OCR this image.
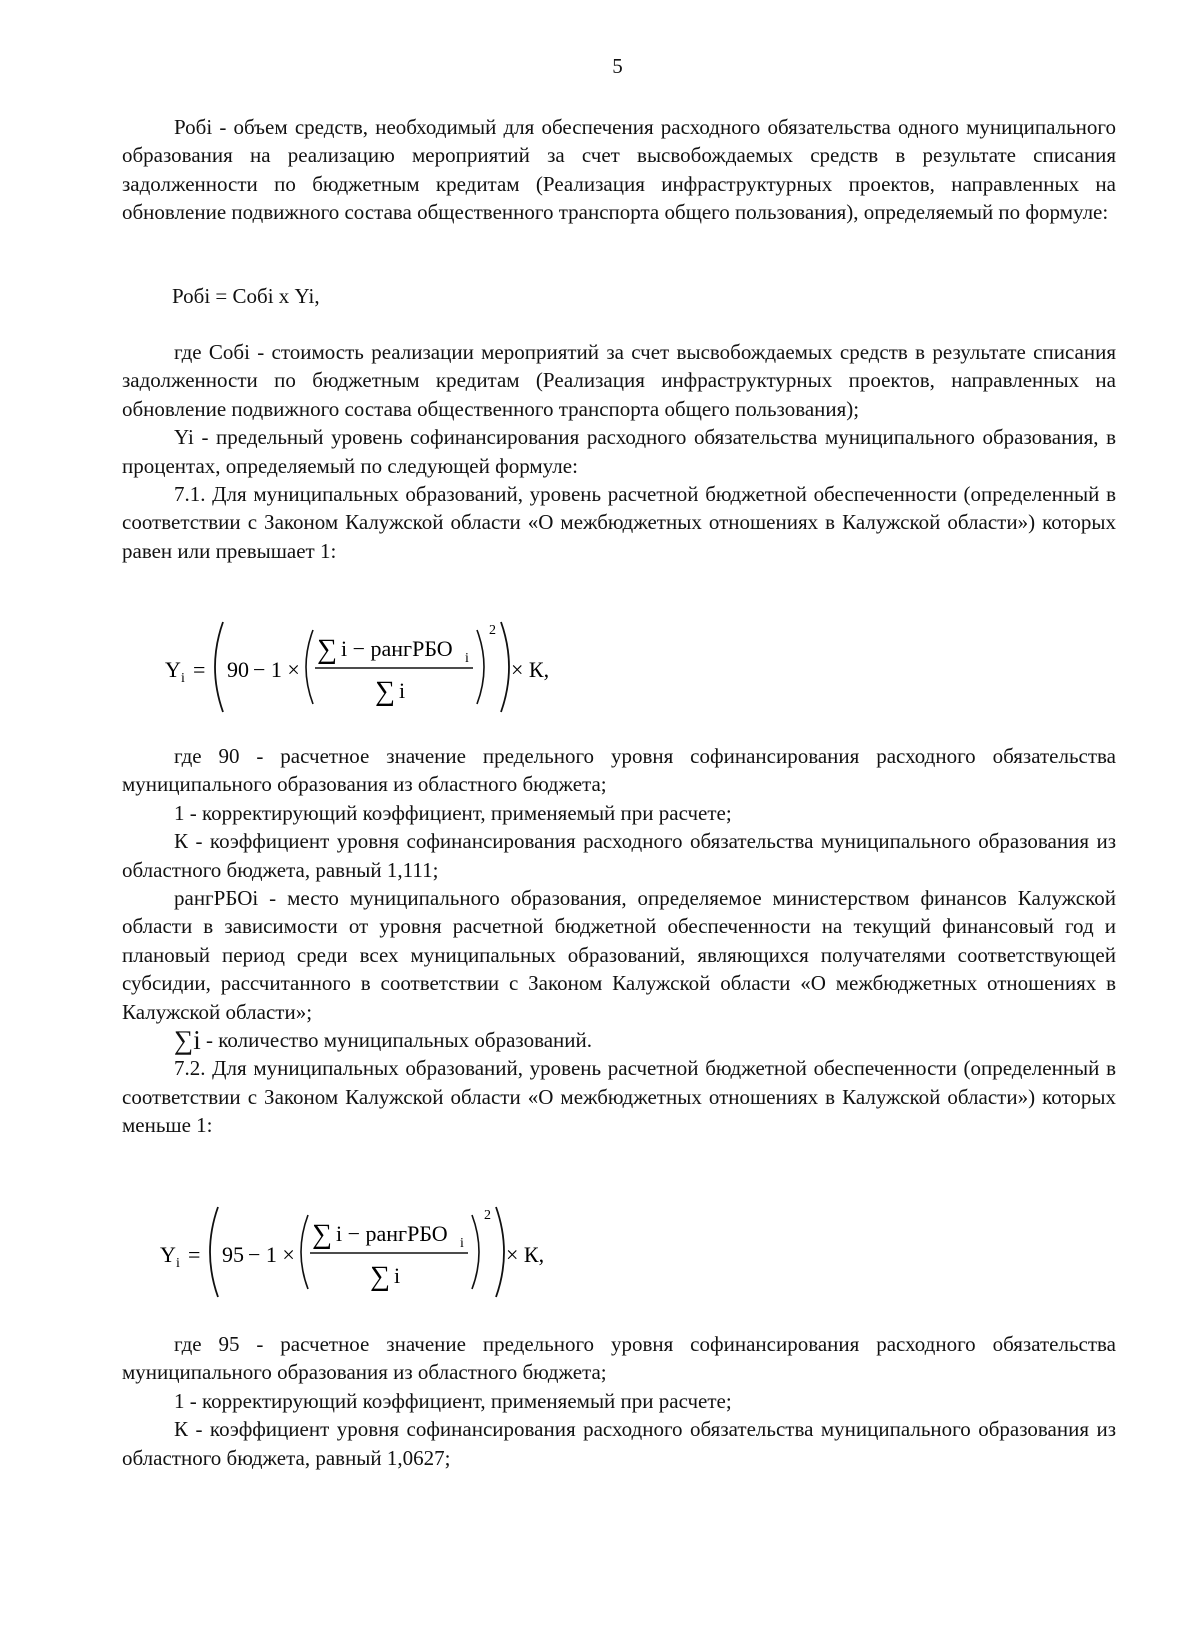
5

Робi - объем средств, необходимый для обеспечения расходного обязательства одного муниципального образования на реализацию мероприятий за счет высвобождаемых средств в результате списания задолженности по бюджетным кредитам (Реализация инфраструктурных проектов, направленных на обновление подвижного состава общественного транспорта общего пользования), определяемый по формуле:

Робi = Собi х Yi,

где Собi - стоимость реализации мероприятий за счет высвобождаемых средств в результате списания задолженности по бюджетным кредитам (Реализация инфраструктурных проектов, направленных на обновление подвижного состава общественного транспорта общего пользования);

Yi - предельный уровень софинансирования расходного обязательства муниципального образования, в процентах, определяемый по следующей формуле:

7.1. Для муниципальных образований, уровень расчетной бюджетной обеспеченности (определенный в соответствии с Законом Калужской области «О межбюджетных отношениях в Калужской области») которых равен или превышает 1:

Y i = 90 − 1 ×
∑ i − рангРБО i
∑ i
2
× К,

где 90 - расчетное значение предельного уровня софинансирования расходного обязательства муниципального образования из областного бюджета;

1 - корректирующий коэффициент, применяемый при расчете;

К - коэффициент уровня софинансирования расходного обязательства муниципального образования из областного бюджета, равный 1,111;

рангРБОi - место муниципального образования, определяемое министерством финансов Калужской области в зависимости от уровня расчетной бюджетной обеспеченности на текущий финансовый год и плановый период среди всех муниципальных образований, являющихся получателями соответствующей субсидии, рассчитанного в соответствии с Законом Калужской области «О межбюджетных отношениях в Калужской области»;

∑i - количество муниципальных образований.

7.2. Для муниципальных образований, уровень расчетной бюджетной обеспеченности (определенный в соответствии с Законом Калужской области «О межбюджетных отношениях в Калужской области») которых меньше 1:

Y i = 95 − 1 ×
∑ i − рангРБО i
∑ i
2
× К,

где 95 - расчетное значение предельного уровня софинансирования расходного обязательства муниципального образования из областного бюджета;

1 - корректирующий коэффициент, применяемый при расчете;

К - коэффициент уровня софинансирования расходного обязательства муниципального образования из областного бюджета, равный 1,0627;
